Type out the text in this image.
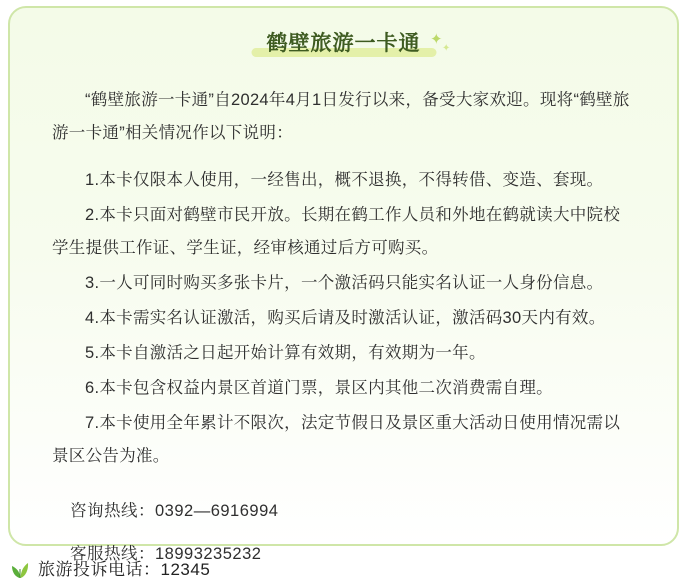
鹤壁旅游一卡通 ✦
✦

“鹤壁旅游一卡通”自2024年4月1日发行以来，备受大家欢迎。现将“鹤壁旅游一卡通”相关情况作以下说明：

1.本卡仅限本人使用，一经售出，概不退换，不得转借、变造、套现。
2.本卡只面对鹤壁市民开放。长期在鹤工作人员和外地在鹤就读大中院校学生提供工作证、学生证，经审核通过后方可购买。
3.一人可同时购买多张卡片，一个激活码只能实名认证一人身份信息。
4.本卡需实名认证激活，购买后请及时激活认证，激活码30天内有效。
5.本卡自激活之日起开始计算有效期，有效期为一年。
6.本卡包含权益内景区首道门票，景区内其他二次消费需自理。
7.本卡使用全年累计不限次，法定节假日及景区重大活动日使用情况需以景区公告为准。

咨询热线：0392—6916994

客服热线：18993235232

旅游投诉电话：12345
